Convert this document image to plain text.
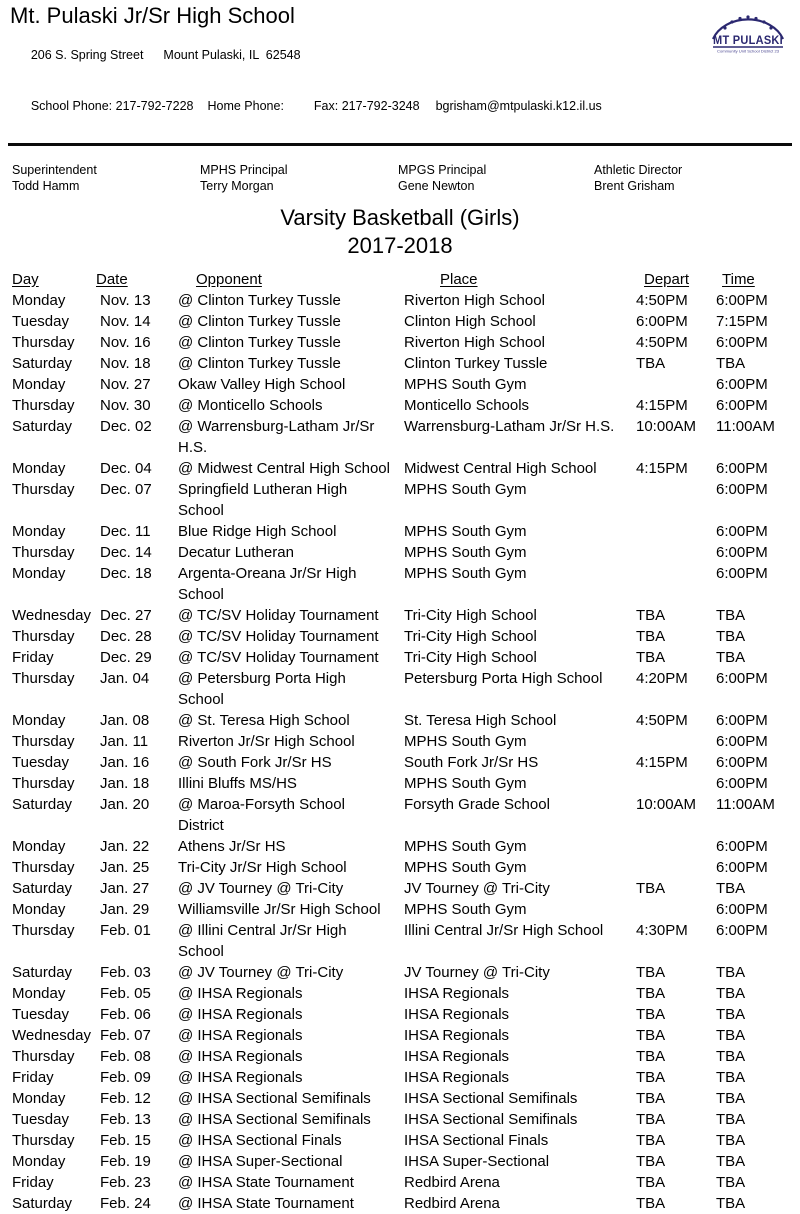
Mt. Pulaski Jr/Sr High School

206 S. Spring Street Mount Pulaski, IL  62548

School Phone: 217-792-7228 Home Phone: Fax: 217-792-3248 bgrisham@mtpulaski.k12.il.us

MT PULASKI
Community Unit School District 23
Superintendent
Todd Hamm
MPHS Principal
Terry Morgan
MPGS Principal
Gene Newton
Athletic Director
Brent Grisham
Varsity Basketball (Girls)
2017-2018
Day	Date	Opponent	Place	Depart	Time
Monday	Nov. 13	@ Clinton Turkey Tussle	Riverton High School	4:50PM	6:00PM
Tuesday	Nov. 14	@ Clinton Turkey Tussle	Clinton High School	6:00PM	7:15PM
Thursday	Nov. 16	@ Clinton Turkey Tussle	Riverton High School	4:50PM	6:00PM
Saturday	Nov. 18	@ Clinton Turkey Tussle	Clinton Turkey Tussle	TBA	TBA
Monday	Nov. 27	Okaw Valley High School	MPHS South Gym		6:00PM
Thursday	Nov. 30	@ Monticello Schools	Monticello Schools	4:15PM	6:00PM
Saturday	Dec. 02	@ Warrensburg-Latham Jr/Sr H.S.	Warrensburg-Latham Jr/Sr H.S.	10:00AM	11:00AM
Monday	Dec. 04	@ Midwest Central High School	Midwest Central High School	4:15PM	6:00PM
Thursday	Dec. 07	Springfield Lutheran High School	MPHS South Gym		6:00PM
Monday	Dec. 11	Blue Ridge High School	MPHS South Gym		6:00PM
Thursday	Dec. 14	Decatur Lutheran	MPHS South Gym		6:00PM
Monday	Dec. 18	Argenta-Oreana Jr/Sr High School	MPHS South Gym		6:00PM
Wednesday	Dec. 27	@ TC/SV Holiday Tournament	Tri-City High School	TBA	TBA
Thursday	Dec. 28	@ TC/SV Holiday Tournament	Tri-City High School	TBA	TBA
Friday	Dec. 29	@ TC/SV Holiday Tournament	Tri-City High School	TBA	TBA
Thursday	Jan. 04	@ Petersburg Porta High School	Petersburg Porta High School	4:20PM	6:00PM
Monday	Jan. 08	@ St. Teresa High School	St. Teresa High School	4:50PM	6:00PM
Thursday	Jan. 11	Riverton Jr/Sr High School	MPHS South Gym		6:00PM
Tuesday	Jan. 16	@ South Fork Jr/Sr HS	South Fork Jr/Sr HS	4:15PM	6:00PM
Thursday	Jan. 18	Illini Bluffs MS/HS	MPHS South Gym		6:00PM
Saturday	Jan. 20	@ Maroa-Forsyth School District	Forsyth Grade School	10:00AM	11:00AM
Monday	Jan. 22	Athens Jr/Sr HS	MPHS South Gym		6:00PM
Thursday	Jan. 25	Tri-City Jr/Sr High School	MPHS South Gym		6:00PM
Saturday	Jan. 27	@ JV Tourney @ Tri-City	JV Tourney @ Tri-City	TBA	TBA
Monday	Jan. 29	Williamsville Jr/Sr High School	MPHS South Gym		6:00PM
Thursday	Feb. 01	@ Illini Central Jr/Sr High School	Illini Central Jr/Sr High School	4:30PM	6:00PM
Saturday	Feb. 03	@ JV Tourney @ Tri-City	JV Tourney @ Tri-City	TBA	TBA
Monday	Feb. 05	@ IHSA Regionals	IHSA Regionals	TBA	TBA
Tuesday	Feb. 06	@ IHSA Regionals	IHSA Regionals	TBA	TBA
Wednesday	Feb. 07	@ IHSA Regionals	IHSA Regionals	TBA	TBA
Thursday	Feb. 08	@ IHSA Regionals	IHSA Regionals	TBA	TBA
Friday	Feb. 09	@ IHSA Regionals	IHSA Regionals	TBA	TBA
Monday	Feb. 12	@ IHSA Sectional Semifinals	IHSA Sectional Semifinals	TBA	TBA
Tuesday	Feb. 13	@ IHSA Sectional Semifinals	IHSA Sectional Semifinals	TBA	TBA
Thursday	Feb. 15	@ IHSA Sectional Finals	IHSA Sectional Finals	TBA	TBA
Monday	Feb. 19	@ IHSA Super-Sectional	IHSA Super-Sectional	TBA	TBA
Friday	Feb. 23	@ IHSA State Tournament	Redbird Arena	TBA	TBA
Saturday	Feb. 24	@ IHSA State Tournament	Redbird Arena	TBA	TBA
